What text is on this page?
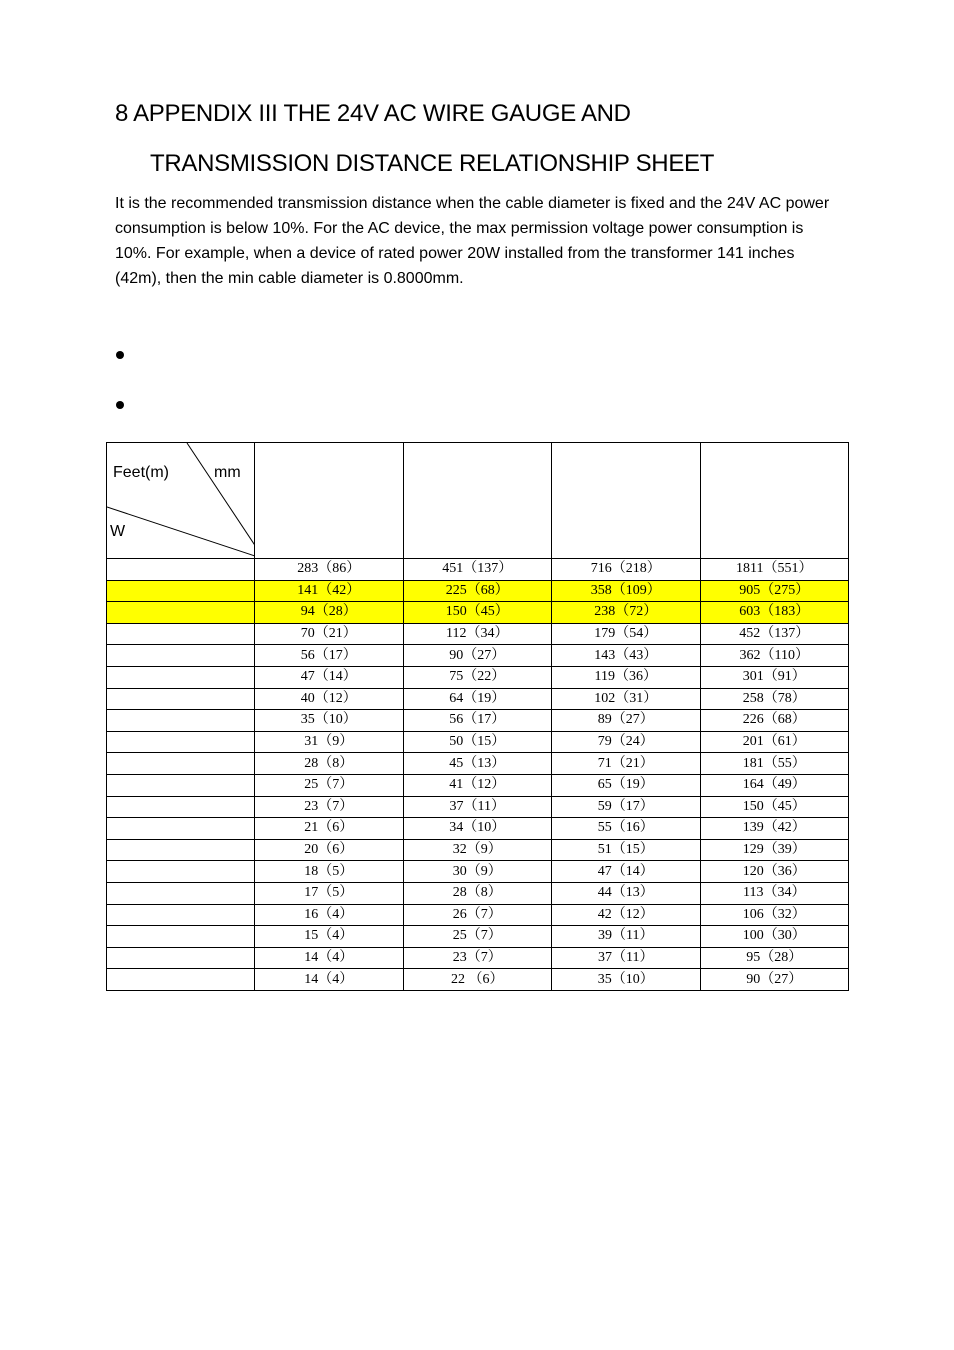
8 APPENDIX III THE 24V AC WIRE GAUGE AND
TRANSMISSION DISTANCE RELATIONSHIP SHEET

It is the recommended transmission distance when the cable diameter is fixed and the 24V AC power consumption is below 10%. For the AC device, the max permission voltage power consumption is 10%. For example, when a device of rated power 20W installed from the transformer 141 inches (42m), then the min cable diameter is 0.8000mm.

Feet(m) mm
W				

	283（86）	451（137）	716（218）	1811（551）
	141（42）	225（68）	358（109）	905（275）
	94（28）	150（45）	238（72）	603（183）
	70（21）	112（34）	179（54）	452（137）
	56（17）	90（27）	143（43）	362（110）
	47（14）	75（22）	119（36）	301（91）
	40（12）	64（19）	102（31）	258（78）
	35（10）	56（17）	89（27）	226（68）
	31（9）	50（15）	79（24）	201（61）
	28（8）	45（13）	71（21）	181（55）
	25（7）	41（12）	65（19）	164（49）
	23（7）	37（11）	59（17）	150（45）
	21（6）	34（10）	55（16）	139（42）
	20（6）	32（9）	51（15）	129（39）
	18（5）	30（9）	47（14）	120（36）
	17（5）	28（8）	44（13）	113（34）
	16（4）	26（7）	42（12）	106（32）
	15（4）	25（7）	39（11）	100（30）
	14（4）	23（7）	37（11）	95（28）
	14（4）	22 （6）	35（10）	90（27）
